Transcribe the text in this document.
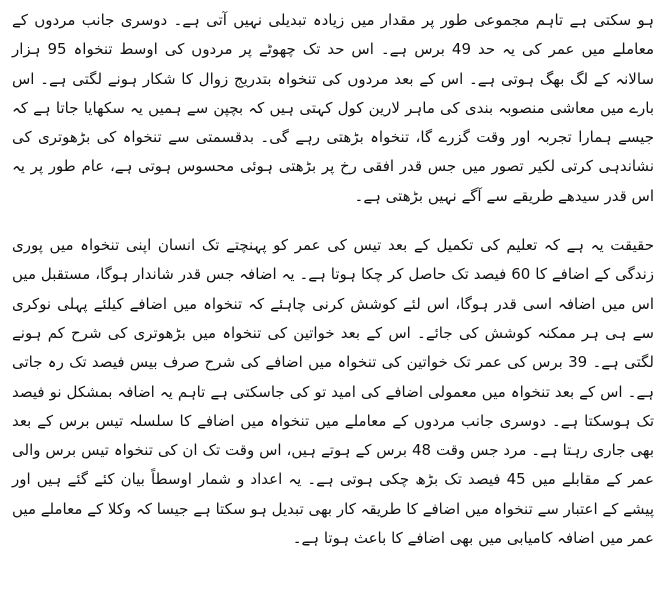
ہو سکتی ہے تاہم مجموعی طور پر مقدار میں زیادہ تبدیلی نہیں آتی ہے۔ دوسری جانب مردوں کے معاملے میں عمر کی یہ حد 49 برس ہے۔ اس حد تک چھوٹے پر مردوں کی اوسط تنخواہ 95 ہزار سالانہ کے لگ بھگ ہوتی ہے۔ اس کے بعد مردوں کی تنخواہ بتدریج زوال کا شکار ہونے لگتی ہے۔ اس بارے میں معاشی منصوبہ بندی کی ماہر لارین کول کہتی ہیں کہ بچپن سے ہمیں یہ سکھایا جاتا ہے کہ جیسے ہمارا تجربہ اور وقت گزرے گا، تنخواہ بڑھتی رہے گی۔ بدقسمتی سے تنخواہ کی بڑھوتری کی نشاندہی کرتی لکیر تصور میں جس قدر افقی رخ پر بڑھتی ہوئی محسوس ہوتی ہے، عام طور پر یہ اس قدر سیدھے طریقے سے آگے نہیں بڑھتی ہے۔

حقیقت یہ ہے کہ تعلیم کی تکمیل کے بعد تیس کی عمر کو پہنچتے تک انسان اپنی تنخواہ میں پوری زندگی کے اضافے کا 60 فیصد تک حاصل کر چکا ہوتا ہے۔ یہ اضافہ جس قدر شاندار ہوگا، مستقبل میں اس میں اضافہ اسی قدر ہوگا، اس لئے کوشش کرنی چاہئے کہ تنخواہ میں اضافے کیلئے پہلی نوکری سے ہی ہر ممکنہ کوشش کی جائے۔ اس کے بعد خواتین کی تنخواہ میں بڑھوتری کی شرح کم ہونے لگتی ہے۔ 39 برس کی عمر تک خواتین کی تنخواہ میں اضافے کی شرح صرف بیس فیصد تک رہ جاتی ہے۔ اس کے بعد تنخواہ میں معمولی اضافے کی امید تو کی جاسکتی ہے تاہم یہ اضافہ بمشکل نو فیصد تک ہوسکتا ہے۔ دوسری جانب مردوں کے معاملے میں تنخواہ میں اضافے کا سلسلہ تیس برس کے بعد بھی جاری رہتا ہے۔ مرد جس وقت 48 برس کے ہوتے ہیں، اس وقت تک ان کی تنخواہ تیس برس والی عمر کے مقابلے میں 45 فیصد تک بڑھ چکی ہوتی ہے۔ یہ اعداد و شمار اوسطاً بیان کئے گئے ہیں اور پیشے کے اعتبار سے تنخواہ میں اضافے کا طریقہ کار بھی تبدیل ہو سکتا ہے جیسا کہ وکلا کے معاملے میں عمر میں اضافہ کامیابی میں بھی اضافے کا باعث ہوتا ہے۔
